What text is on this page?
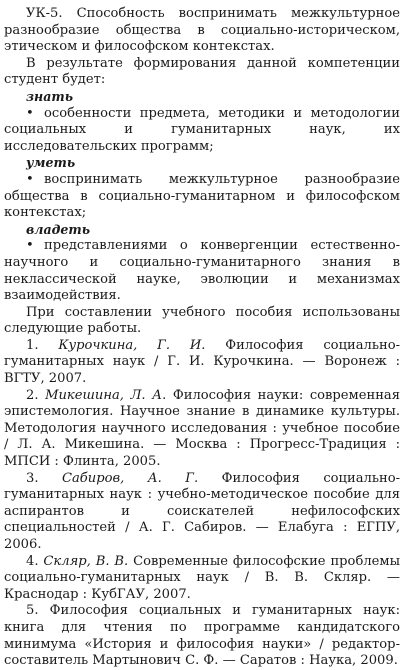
УК-5. Способность воспринимать межкультурное разнообразие общества в социально-историческом, этическом и философском контекстах.

В результате формирования данной компетенции студент будет:

знать
• особенности предмета, методики и методологии социальных и гуманитарных наук, их исследовательских программ;
уметь
• воспринимать межкультурное разнообразие общества в социально-гуманитарном и философском контекстах;
владеть
• представлениями о конвергенции естественно-научного и социально-гуманитарного знания в неклассической науке, эволюции и механизмах взаимодействия.

При составлении учебного пособия использованы следующие работы.

1. Курочкина, Г. И. Философия социально-гуманитарных наук / Г. И. Курочкина. — Воронеж : ВГТУ, 2007.
2. Микешина, Л. А. Философия науки: современная эпистемология. Научное знание в динамике культуры. Методология научного исследования : учебное пособие / Л. А. Микешина. — Москва : Прогресс-Традиция : МПСИ : Флинта, 2005.
3. Сабиров, А. Г. Философия социально-гуманитарных наук : учебно-методическое пособие для аспирантов и соискателей нефилософских специальностей / А. Г. Сабиров. — Елабуга : ЕГПУ, 2006.
4. Скляр, В. В. Современные философские проблемы социально-гуманитарных наук / В. В. Скляр. — Краснодар : КубГАУ, 2007.
5. Философия социальных и гуманитарных наук: книга для чтения по программе кандидатского минимума «История и философия науки» / редактор-составитель Мартынович С. Ф. — Саратов : Наука, 2009.
